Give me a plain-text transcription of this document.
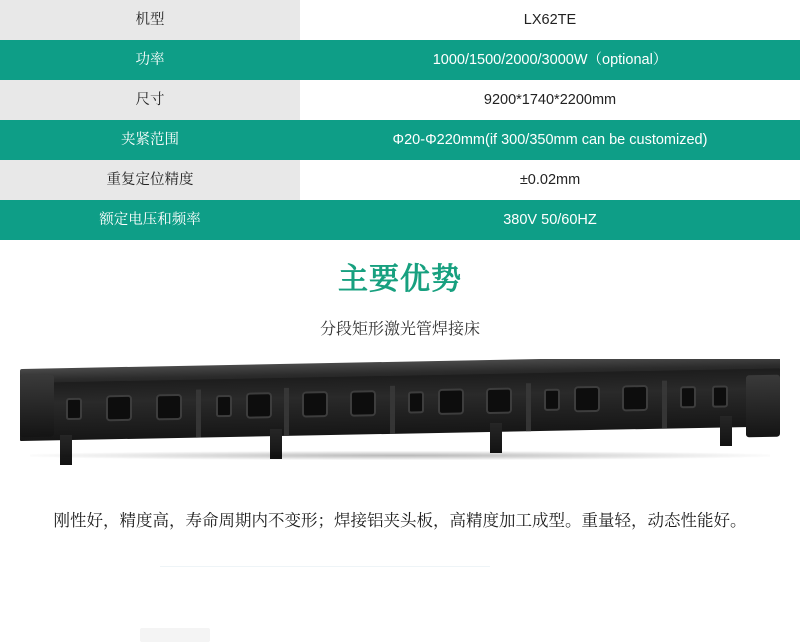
机型	LX62TE
功率	1000/1500/2000/3000W（optional）
尺寸	9200*1740*2200mm
夹紧范围	Φ20-Φ220mm(if 300/350mm can be customized)
重复定位精度	±0.02mm
额定电压和频率	380V 50/60HZ
主要优势
分段矩形激光管焊接床
刚性好，精度高，寿命周期内不变形；焊接铝夹头板，高精度加工成型。重量轻，动态性能好。
